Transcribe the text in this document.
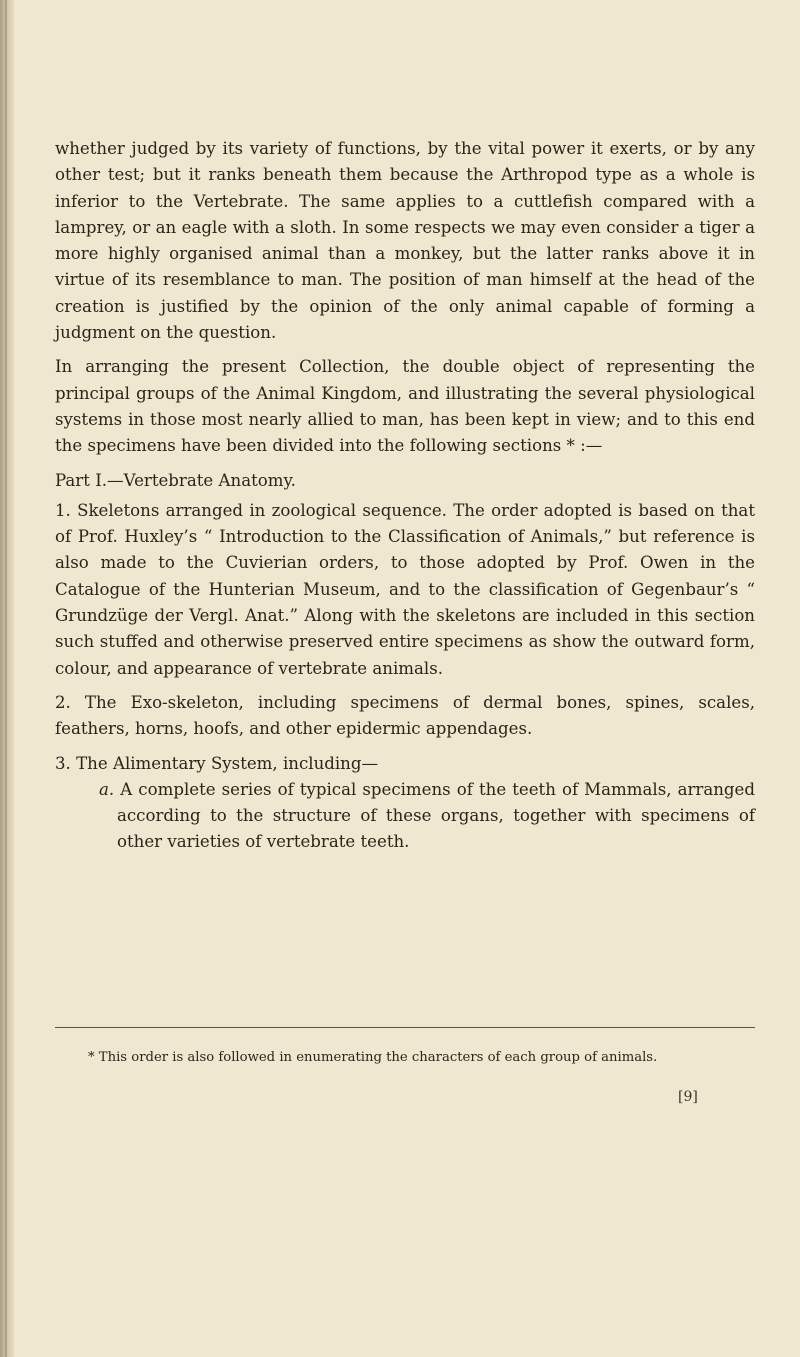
whether judged by its variety of functions, by the vital power it exerts, or by any other test; but it ranks beneath them because the Arthropod type as a whole is inferior to the Vertebrate. The same applies to a cuttlefish compared with a lamprey, or an eagle with a sloth. In some respects we may even consider a tiger a more highly organised animal than a monkey, but the latter ranks above it in virtue of its resemblance to man. The position of man himself at the head of the creation is justified by the opinion of the only animal capable of forming a judgment on the question.

In arranging the present Collection, the double object of representing the principal groups of the Animal Kingdom, and illustrating the several physiological systems in those most nearly allied to man, has been kept in view; and to this end the specimens have been divided into the following sections * :—

Part I.—Vertebrate Anatomy.

1. Skeletons arranged in zoological sequence. The order adopted is based on that of Prof. Huxley’s “ Introduction to the Classification of Animals,” but reference is also made to the Cuvierian orders, to those adopted by Prof. Owen in the Catalogue of the Hunterian Museum, and to the classification of Gegenbaur’s “ Grundzüge der Vergl. Anat.” Along with the skeletons are included in this section such stuffed and otherwise preserved entire specimens as show the outward form, colour, and appearance of vertebrate animals.

2. The Exo-skeleton, including specimens of dermal bones, spines, scales, feathers, horns, hoofs, and other epidermic appendages.

3. The Alimentary System, including—

a. A complete series of typical specimens of the teeth of Mammals, arranged according to the structure of these organs, together with specimens of other varieties of vertebrate teeth.

* This order is also followed in enumerating the characters of each group of animals.

[9]
